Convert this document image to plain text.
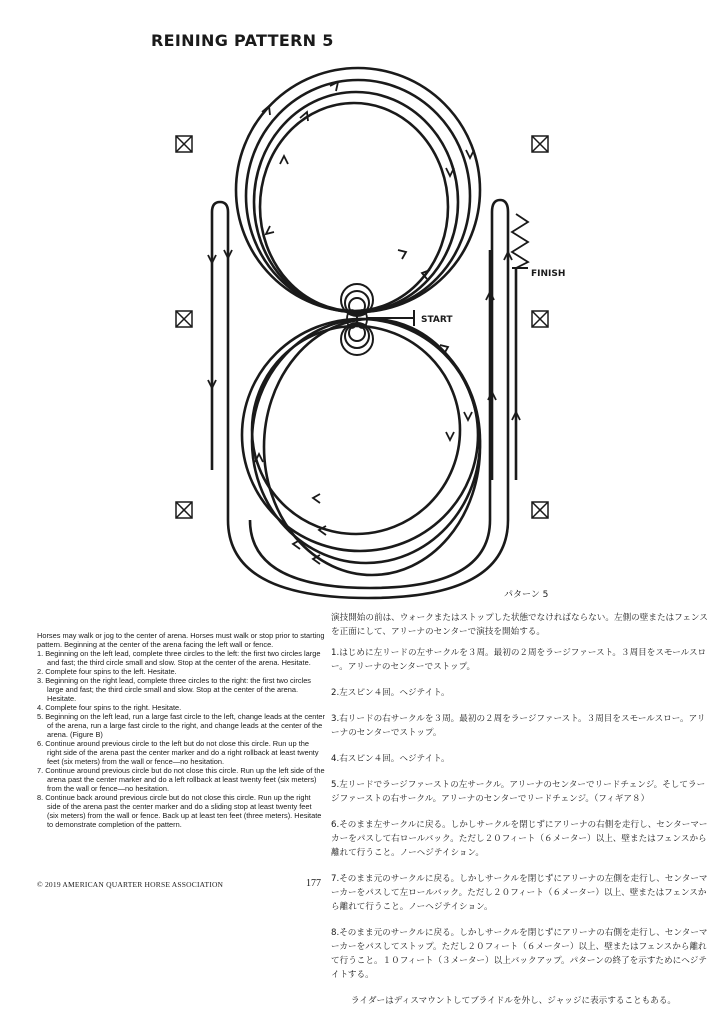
REINING PATTERN 5
START
FINISH
パターン 5

Horses may walk or jog to the center of arena. Horses must walk or stop prior to starting pattern. Beginning at the center of the arena facing the left wall or fence.

1. Beginning on the left lead, complete three circles to the left: the first two circles large and fast; the third circle small and slow. Stop at the center of the arena. Hesitate.
2. Complete four spins to the left. Hesitate.
3. Beginning on the right lead, complete three circles to the right: the first two circles large and fast; the third circle small and slow. Stop at the center of the arena. Hesitate.
4. Complete four spins to the right. Hesitate.
5. Beginning on the left lead, run a large fast circle to the left, change leads at the center of the arena, run a large fast circle to the right, and change leads at the center of the arena. (Figure B)
6. Continue around previous circle to the left but do not close this circle. Run up the right side of the arena past the center marker and do a right rollback at least twenty feet (six meters) from the wall or fence—no hesitation.
7. Continue around previous circle but do not close this circle. Run up the left side of the arena past the center marker and do a left rollback at least twenty feet (six meters) from the wall or fence—no hesitation.
8. Continue back around previous circle but do not close this circle. Run up the right side of the arena past the center marker and do a sliding stop at least twenty feet (six meters) from the wall or fence. Back up at least ten feet (three meters). Hesitate to demonstrate completion of the pattern.
© 2019 AMERICAN QUARTER HORSE ASSOCIATION	177

演技開始の前は、ウォークまたはストップした状態でなければならない。左側の壁またはフェンスを正面にして、アリーナのセンターで演技を開始する。

1.はじめに左リードの左サークルを３周。最初の２周をラージファースト。３周目をスモールスロー。アリーナのセンターでストップ。

2.左スピン４回。ヘジテイト。

3.右リードの右サークルを３周。最初の２周をラージファースト。３周目をスモールスロー。アリーナのセンターでストップ。

4.右スピン４回。ヘジテイト。

5.左リードでラージファーストの左サークル。アリーナのセンターでリードチェンジ。そしてラージファーストの右サークル。アリーナのセンターでリードチェンジ。（フィギア８）

6.そのまま左サークルに戻る。しかしサークルを閉じずにアリーナの右側を走行し、センターマーカーをパスして右ロールバック。ただし２０フィート（６メーター）以上、壁またはフェンスから離れて行うこと。ノーヘジテイション。

7.そのまま元のサークルに戻る。しかしサークルを閉じずにアリーナの左側を走行し、センターマーカーをパスして左ロールバック。ただし２０フィート（６メーター）以上、壁またはフェンスから離れて行うこと。ノーヘジテイション。

8.そのまま元のサークルに戻る。しかしサークルを閉じずにアリーナの右側を走行し、センターマーカーをパスしてストップ。ただし２０フィート（６メーター）以上、壁またはフェンスから離れて行うこと。１０フィート（３メーター）以上バックアップ。パターンの終了を示すためにヘジテイトする。

ライダーはディスマウントしてブライドルを外し、ジャッジに表示することもある。
